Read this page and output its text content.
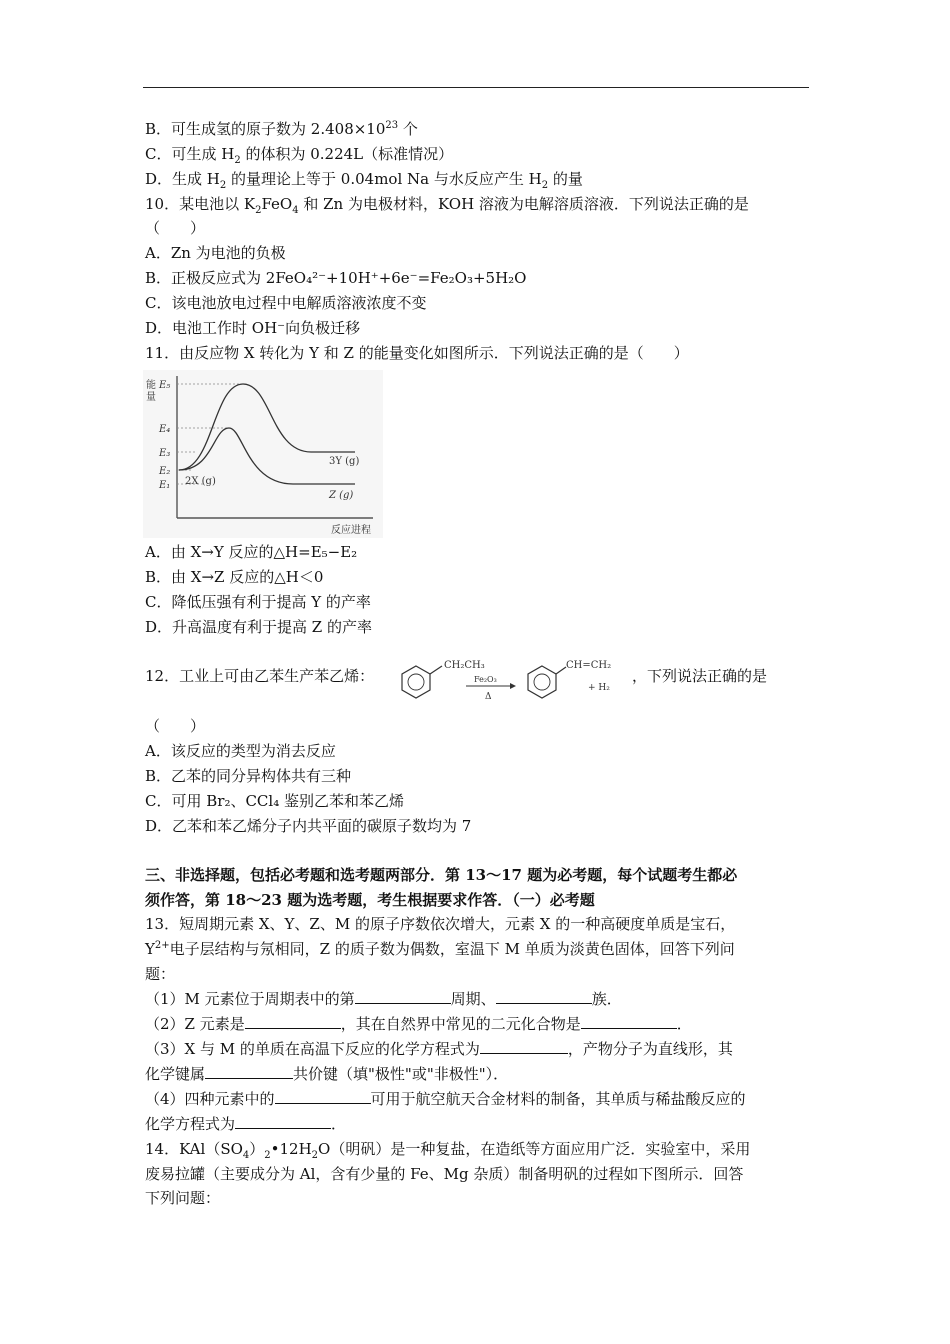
B．可生成氢的原子数为 $2.408\times 10^{23}$ 个
C．可生成 $H_2$ 的体积为 0.224L（标准情况）
D．生成 $H_2$ 的量理论上等于 0.04mol Na 与水反应产生 $H_2$ 的量
10．某电池以 $K_2FeO_4$ 和 Zn 为电极材料，KOH 溶液为电解溶质溶液．下列说法正确的是
（　　）
A．Zn 为电池的负极
B．正极反应式为 2FeO₄²⁻+10H⁺+6e⁻=Fe₂O₃+5H₂O
C．该电池放电过程中电解质溶液浓度不变
D．电池工作时 OH⁻向负极迁移
11．由反应物 X 转化为 Y 和 Z 的能量变化如图所示．下列说法正确的是（　　）
能
量
E₅
E₄
E₃
E₂
E₁ 2X (g)
3Y (g)
Z (g)
反应进程
A．由 X→Y 反应的△H=E₅−E₂
B．由 X→Z 反应的△H＜0
C．降低压强有利于提高 Y 的产率
D．升高温度有利于提高 Z 的产率
12．工业上可由乙苯生产苯乙烯：
CH₂CH₃
Fe₂O₃
Δ
CH=CH₂
+ H₂
，下列说法正确的是
（　　）
A．该反应的类型为消去反应
B．乙苯的同分异构体共有三种
C．可用 Br₂、CCl₄ 鉴别乙苯和苯乙烯
D．乙苯和苯乙烯分子内共平面的碳原子数均为 7
三、非选择题，包括必考题和选考题两部分．第 13～17 题为必考题，每个试题考生都必
须作答，第 18～23 题为选考题，考生根据要求作答．（一）必考题
13．短周期元素 X、Y、Z、M 的原子序数依次增大，元素 X 的一种高硬度单质是宝石，
$Y^{2+}$电子层结构与氖相同，Z 的质子数为偶数，室温下 M 单质为淡黄色固体，回答下列问
题：
（1）M 元素位于周期表中的第	周期、	族．
（2）Z 元素是	，其在自然界中常见的二元化合物是	．
（3）X 与 M 的单质在高温下反应的化学方程式为	，产物分子为直线形，其
化学键属	共价键（填"极性"或"非极性"）．
（4）四种元素中的	可用于航空航天合金材料的制备，其单质与稀盐酸反应的
化学方程式为	．
14．$KAl(SO_4)_2•12H_2O$（明矾）是一种复盐，在造纸等方面应用广泛．实验室中，采用
废易拉罐（主要成分为 Al，含有少量的 Fe、Mg 杂质）制备明矾的过程如下图所示．回答
下列问题：
